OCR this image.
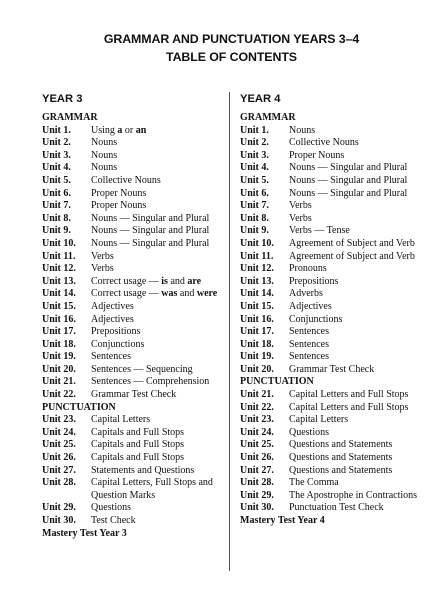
GRAMMAR AND PUNCTUATION YEARS 3–4
TABLE OF CONTENTS
YEAR 3
GRAMMAR
Unit 1.	Using a or an
Unit 2.	Nouns
Unit 3.	Nouns
Unit 4.	Nouns
Unit 5.	Collective Nouns
Unit 6.	Proper Nouns
Unit 7.	Proper Nouns
Unit 8.	Nouns — Singular and Plural
Unit 9.	Nouns — Singular and Plural
Unit 10.	Nouns — Singular and Plural
Unit 11.	Verbs
Unit 12.	Verbs
Unit 13.	Correct usage — is and are
Unit 14.	Correct usage — was and were
Unit 15.	Adjectives
Unit 16.	Adjectives
Unit 17.	Prepositions
Unit 18.	Conjunctions
Unit 19.	Sentences
Unit 20.	Sentences — Sequencing
Unit 21.	Sentences — Comprehension
Unit 22.	Grammar Test Check
PUNCTUATION
Unit 23.	Capital Letters
Unit 24.	Capitals and Full Stops
Unit 25.	Capitals and Full Stops
Unit 26.	Capitals and Full Stops
Unit 27.	Statements and Questions
Unit 28.	Capital Letters, Full Stops and Question Marks
Unit 29.	Questions
Unit 30.	Test Check
Mastery Test Year 3
YEAR 4
GRAMMAR
Unit 1.	Nouns
Unit 2.	Collective Nouns
Unit 3.	Proper Nouns
Unit 4.	Nouns — Singular and Plural
Unit 5.	Nouns — Singular and Plural
Unit 6.	Nouns — Singular and Plural
Unit 7.	Verbs
Unit 8.	Verbs
Unit 9.	Verbs — Tense
Unit 10.	Agreement of Subject and Verb
Unit 11.	Agreement of Subject and Verb
Unit 12.	Pronouns
Unit 13.	Prepositions
Unit 14.	Adverbs
Unit 15.	Adjectives
Unit 16.	Conjunctions
Unit 17.	Sentences
Unit 18.	Sentences
Unit 19.	Sentences
Unit 20.	Grammar Test Check
PUNCTUATION
Unit 21.	Capital Letters and Full Stops
Unit 22.	Capital Letters and Full Stops
Unit 23.	Capital Letters
Unit 24.	Questions
Unit 25.	Questions and Statements
Unit 26.	Questions and Statements
Unit 27.	Questions and Statements
Unit 28.	The Comma
Unit 29.	The Apostrophe in Contractions
Unit 30.	Punctuation Test Check
Mastery Test Year 4
